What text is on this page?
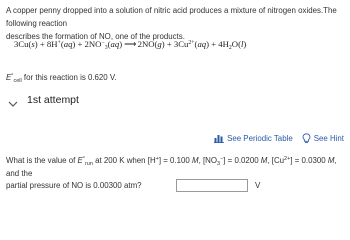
A copper penny dropped into a solution of nitric acid produces a mixture of nitrogen oxides.The following reaction
describes the formation of NO, one of the products.
$3Cu(s) + 8H^+(aq) + 2NO^-_3(aq)$ ⟶ $2NO(g) + 3Cu^{2+}(aq) + 4H_2O(l)$
$E^\circ_{cell}$ for this reaction is 0.620 V.
1st attempt
See Periodic Table	See Hint
What is the value of $E^\circ_{run}$ at 200 K when [H+] = 0.100 M, $[NO_3^-] = 0.0200$ M, $[Cu^{2+}] = 0.0300$ M, and the
partial pressure of NO is 0.00300 atm?	V
